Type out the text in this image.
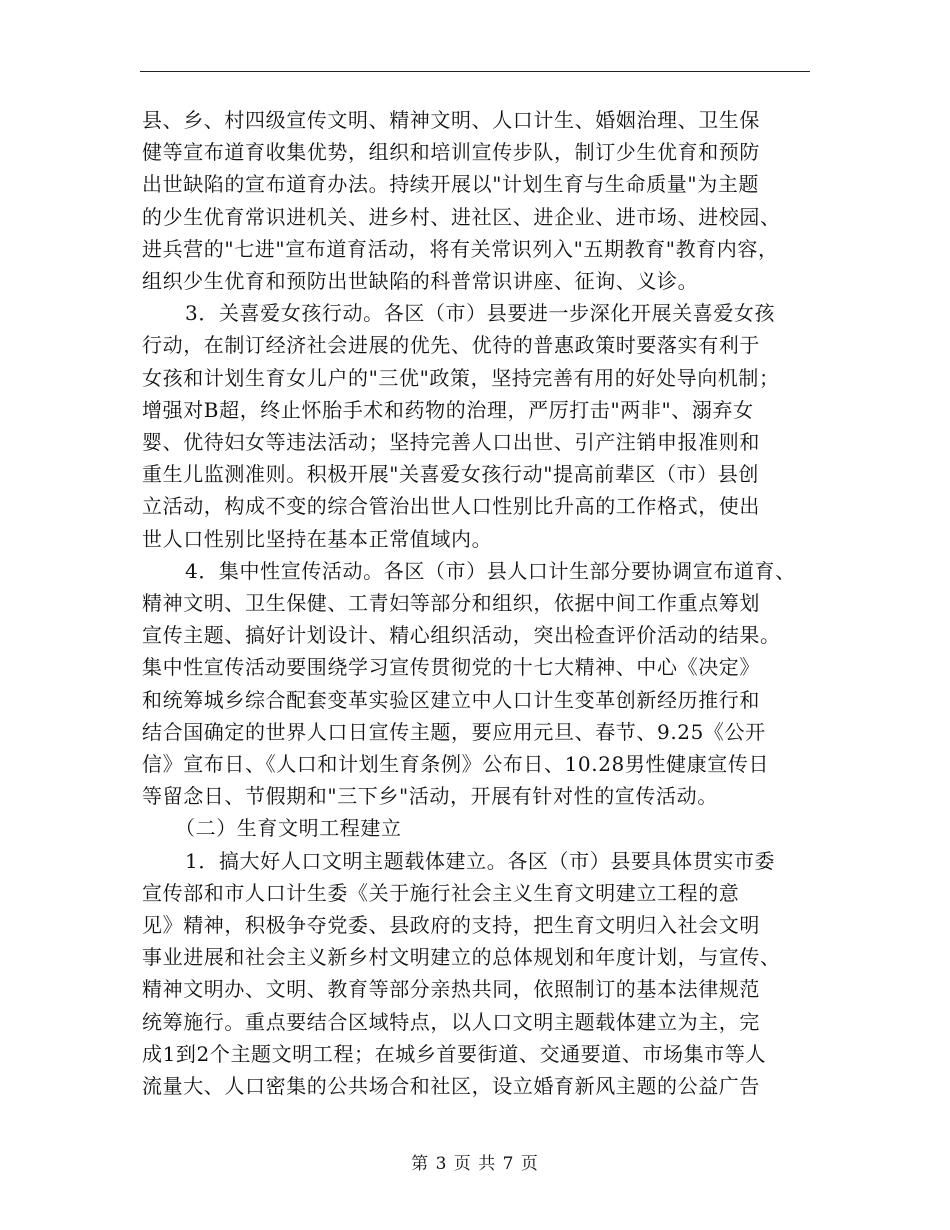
县、乡、村四级宣传文明、精神文明、人口计生、婚姻治理、卫生保
健等宣布道育收集优势，组织和培训宣传步队，制订少生优育和预防
出世缺陷的宣布道育办法。持续开展以"计划生育与生命质量"为主题
的少生优育常识进机关、进乡村、进社区、进企业、进市场、进校园、
进兵营的"七进"宣布道育活动，将有关常识列入"五期教育"教育内容，
组织少生优育和预防出世缺陷的科普常识讲座、征询、义诊。
3．关喜爱女孩行动。各区（市）县要进一步深化开展关喜爱女孩
行动，在制订经济社会进展的优先、优待的普惠政策时要落实有利于
女孩和计划生育女儿户的"三优"政策，坚持完善有用的好处导向机制；
增强对B超，终止怀胎手术和药物的治理，严厉打击"两非"、溺弃女
婴、优待妇女等违法活动；坚持完善人口出世、引产注销申报准则和
重生儿监测准则。积极开展"关喜爱女孩行动"提高前辈区（市）县创
立活动，构成不变的综合管治出世人口性别比升高的工作格式，使出
世人口性别比坚持在基本正常值域内。
4．集中性宣传活动。各区（市）县人口计生部分要协调宣布道育、
精神文明、卫生保健、工青妇等部分和组织，依据中间工作重点筹划
宣传主题、搞好计划设计、精心组织活动，突出检查评价活动的结果。
集中性宣传活动要围绕学习宣传贯彻党的十七大精神、中心《决定》
和统筹城乡综合配套变革实验区建立中人口计生变革创新经历推行和
结合国确定的世界人口日宣传主题，要应用元旦、春节、9.25《公开
信》宣布日、《人口和计划生育条例》公布日、10.28男性健康宣传日
等留念日、节假期和"三下乡"活动，开展有针对性的宣传活动。
（二）生育文明工程建立
1．搞大好人口文明主题载体建立。各区（市）县要具体贯实市委
宣传部和市人口计生委《关于施行社会主义生育文明建立工程的意
见》精神，积极争夺党委、县政府的支持，把生育文明归入社会文明
事业进展和社会主义新乡村文明建立的总体规划和年度计划，与宣传、
精神文明办、文明、教育等部分亲热共同，依照制订的基本法律规范
统筹施行。重点要结合区域特点，以人口文明主题载体建立为主，完
成1到2个主题文明工程；在城乡首要街道、交通要道、市场集市等人
流量大、人口密集的公共场合和社区，设立婚育新风主题的公益广告
第 3 页 共 7 页
